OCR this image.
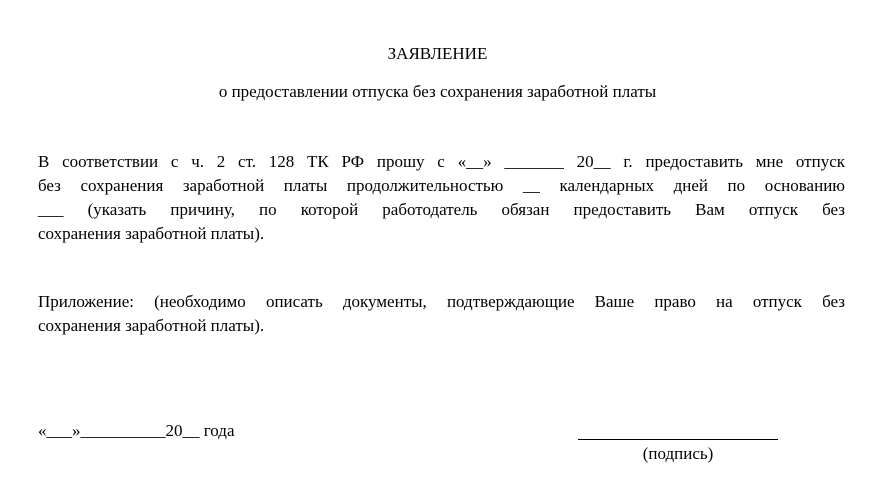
ЗАЯВЛЕНИЕ
о предоставлении отпуска без сохранения заработной платы
В соответствии с ч. 2 ст. 128 ТК РФ прошу с «__» _______ 20__ г. предоставить мне отпуск
без сохранения заработной платы продолжительностью __ календарных дней по основанию
___ (указать причину, по которой работодатель обязан предоставить Вам отпуск без
сохранения заработной платы).
Приложение: (необходимо описать документы, подтверждающие Ваше право на отпуск без
сохранения заработной платы).
«___»__________20__ года
(подпись)
